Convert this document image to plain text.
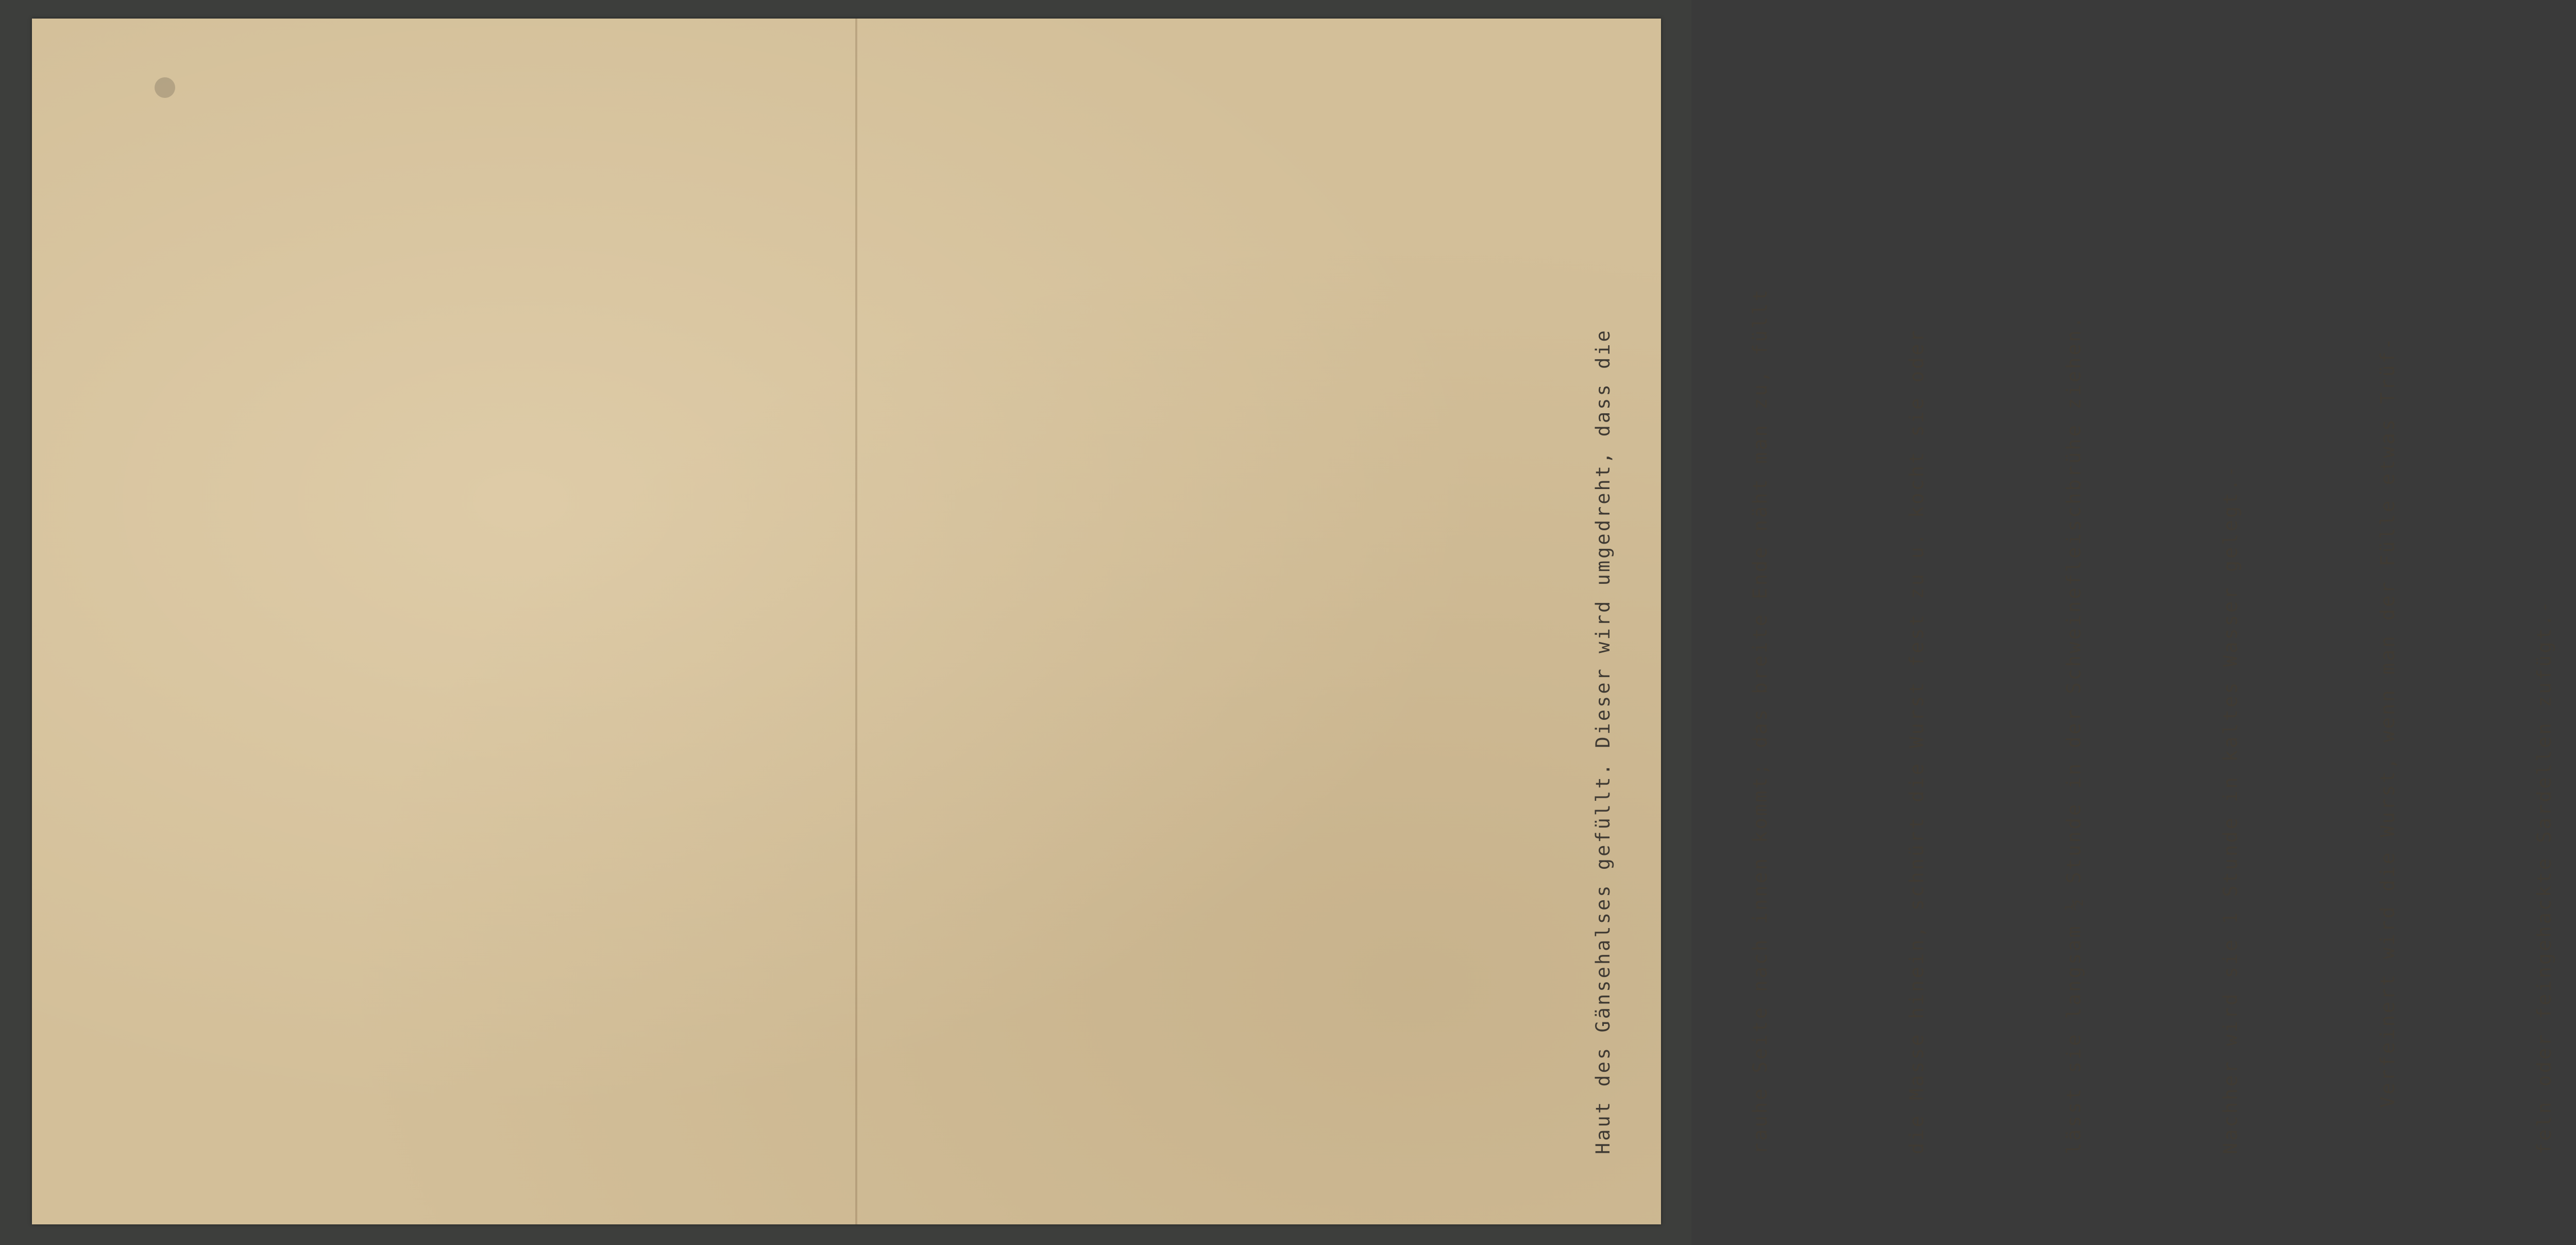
Haut des Gänsehalses gefüllt. Dieser wird umgedreht, dass die

	rauhe Seite nach innen kommt; das breite Ende näht man zu, füllt

	die Masse hinein, schnürt die Wurst fest zu u. kocht sie oder

	lässt sie langsam ½ Stunde in der Schweinefleischbrühe ziehen.

	Nachher wird sie 1 Stunde in kaltes Wasser gelegt.-

	Verfeinert wird die Wurst, wenn man der Fülle etwas Trüf-

	feln oder feingehackte Sardellen zufügt.-
